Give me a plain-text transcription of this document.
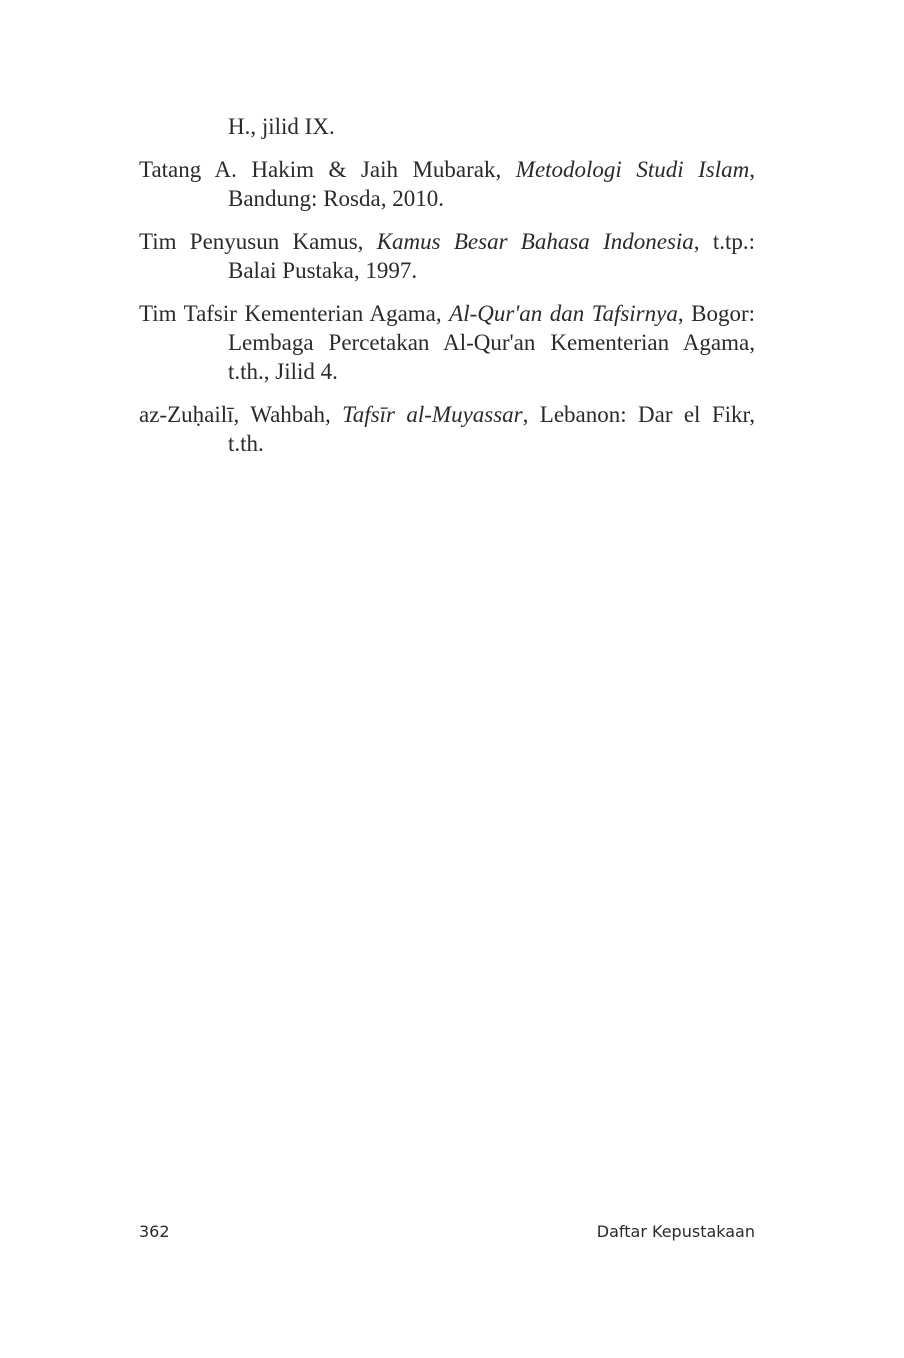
H., jilid IX.

Tatang A. Hakim & Jaih Mubarak, Metodologi Studi Islam, Bandung: Rosda, 2010.

Tim Penyusun Kamus, Kamus Besar Bahasa Indonesia, t.tp.: Balai Pustaka, 1997.

Tim Tafsir Kementerian Agama, Al-Qur'an dan Tafsirnya, Bogor: Lembaga Percetakan Al-Qur'an Kementerian Agama, t.th., Jilid 4.

az-Zuḥailī, Wahbah, Tafsīr al-Muyassar, Lebanon: Dar el Fikr, t.th.

362	Daftar Kepustakaan
